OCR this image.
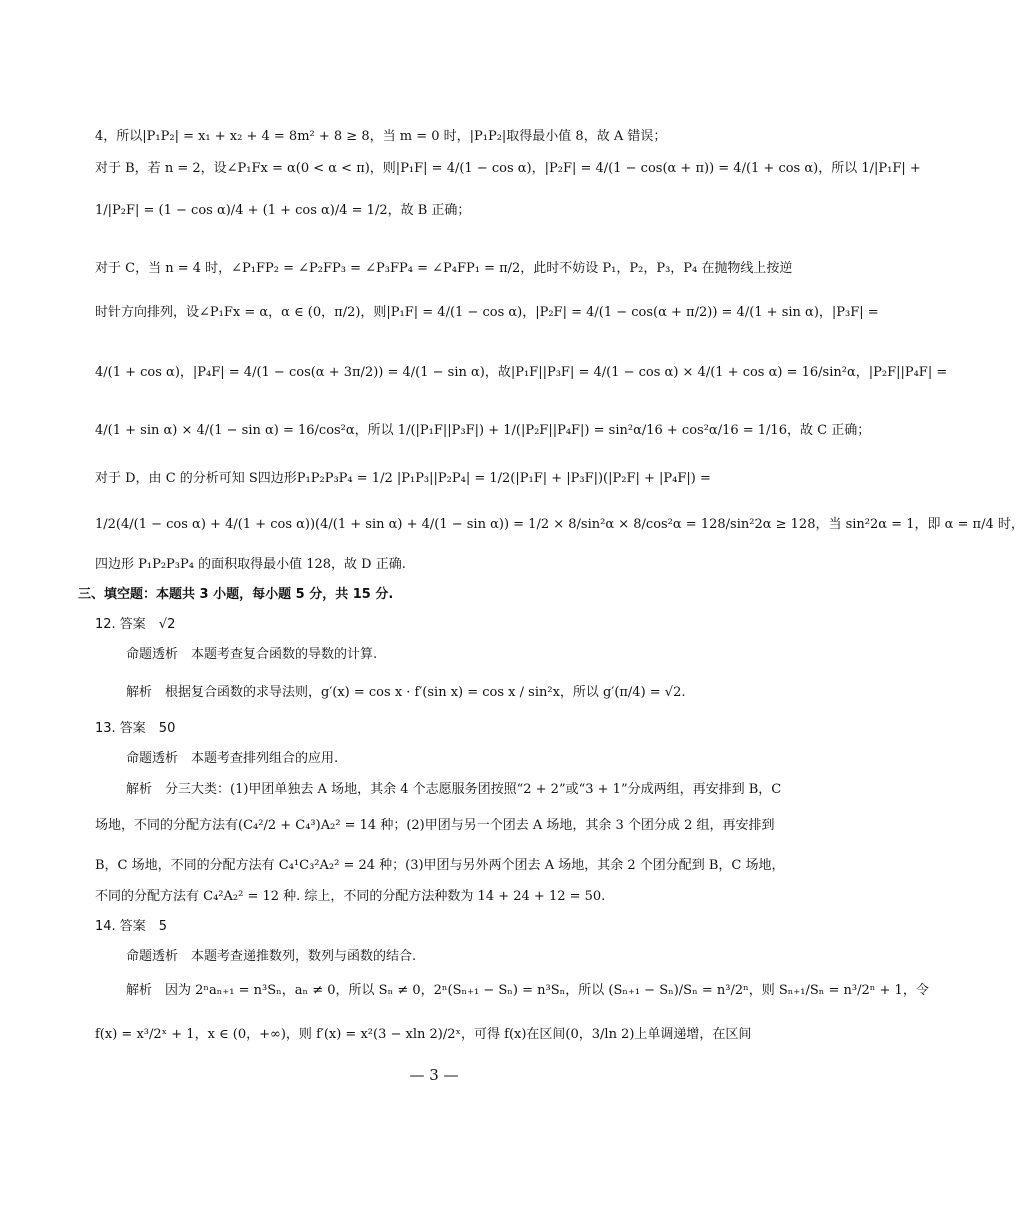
4，所以|P₁P₂| = x₁ + x₂ + 4 = 8m² + 8 ≥ 8，当 m = 0 时，|P₁P₂|取得最小值 8，故 A 错误；
对于 B，若 n = 2，设∠P₁Fx = α(0 < α < π)，则|P₁F| = 4/(1 − cos α)，|P₂F| = 4/(1 − cos(α + π)) = 4/(1 + cos α)，所以 1/|P₁F| +
1/|P₂F| = (1 − cos α)/4 + (1 + cos α)/4 = 1/2，故 B 正确；
对于 C，当 n = 4 时，∠P₁FP₂ = ∠P₂FP₃ = ∠P₃FP₄ = ∠P₄FP₁ = π/2，此时不妨设 P₁，P₂，P₃，P₄ 在抛物线上按逆
时针方向排列，设∠P₁Fx = α，α ∈ (0，π/2)，则|P₁F| = 4/(1 − cos α)，|P₂F| = 4/(1 − cos(α + π/2)) = 4/(1 + sin α)，|P₃F| =
4/(1 + cos α)，|P₄F| = 4/(1 − cos(α + 3π/2)) = 4/(1 − sin α)，故|P₁F||P₃F| = 4/(1 − cos α) × 4/(1 + cos α) = 16/sin²α，|P₂F||P₄F| =
4/(1 + sin α) × 4/(1 − sin α) = 16/cos²α，所以 1/(|P₁F||P₃F|) + 1/(|P₂F||P₄F|) = sin²α/16 + cos²α/16 = 1/16，故 C 正确；
对于 D，由 C 的分析可知 S四边形P₁P₂P₃P₄ = 1/2 |P₁P₃||P₂P₄| = 1/2(|P₁F| + |P₃F|)(|P₂F| + |P₄F|) =
1/2(4/(1 − cos α) + 4/(1 + cos α))(4/(1 + sin α) + 4/(1 − sin α)) = 1/2 × 8/sin²α × 8/cos²α = 128/sin²2α ≥ 128，当 sin²2α = 1，即 α = π/4 时，
四边形 P₁P₂P₃P₄ 的面积取得最小值 128，故 D 正确.
三、填空题：本题共 3 小题，每小题 5 分，共 15 分.
12. 答案　√2
命题透析　本题考查复合函数的导数的计算.
解析　根据复合函数的求导法则，g′(x) = cos x · f′(sin x) = cos x / sin²x，所以 g′(π/4) = √2.
13. 答案　50
命题透析　本题考查排列组合的应用.
解析　分三大类：(1)甲团单独去 A 场地，其余 4 个志愿服务团按照“2 + 2”或“3 + 1”分成两组，再安排到 B，C
场地，不同的分配方法有(C₄²/2 + C₄³)A₂² = 14 种；(2)甲团与另一个团去 A 场地，其余 3 个团分成 2 组，再安排到
B，C 场地，不同的分配方法有 C₄¹C₃²A₂² = 24 种；(3)甲团与另外两个团去 A 场地，其余 2 个团分配到 B，C 场地，
不同的分配方法有 C₄²A₂² = 12 种. 综上，不同的分配方法种数为 14 + 24 + 12 = 50.
14. 答案　5
命题透析　本题考查递推数列，数列与函数的结合.
解析　因为 2ⁿaₙ₊₁ = n³Sₙ，aₙ ≠ 0，所以 Sₙ ≠ 0，2ⁿ(Sₙ₊₁ − Sₙ) = n³Sₙ，所以 (Sₙ₊₁ − Sₙ)/Sₙ = n³/2ⁿ，则 Sₙ₊₁/Sₙ = n³/2ⁿ + 1，令
f(x) = x³/2ˣ + 1，x ∈ (0，+∞)，则 f′(x) = x²(3 − xln 2)/2ˣ，可得 f(x)在区间(0，3/ln 2)上单调递增，在区间
— 3 —
